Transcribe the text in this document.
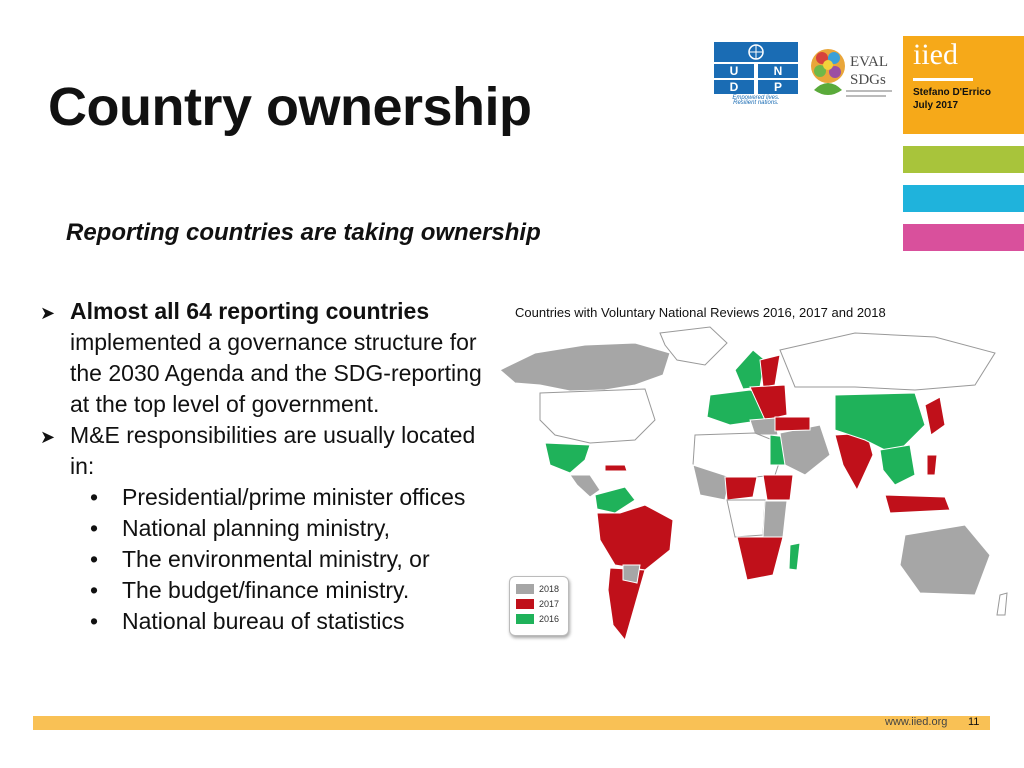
Country ownership
U	N
D	P
Empowered lives.
Resilient nations.
EVAL
SDGs
iied
Stefano D'Errico
July 2017
Reporting countries are taking ownership
➤ Almost all 64 reporting countries
implemented a governance structure for the 2030 Agenda and the SDG-reporting at the top level of government.
➤ M&E responsibilities are usually located in:
•	Presidential/prime minister offices
•	National planning ministry,
•	The environmental ministry, or
•	The budget/finance ministry.
•	National bureau of statistics
Countries with Voluntary National Reviews 2016, 2017 and 2018
2018
2017
2016
www.iied.org 11
